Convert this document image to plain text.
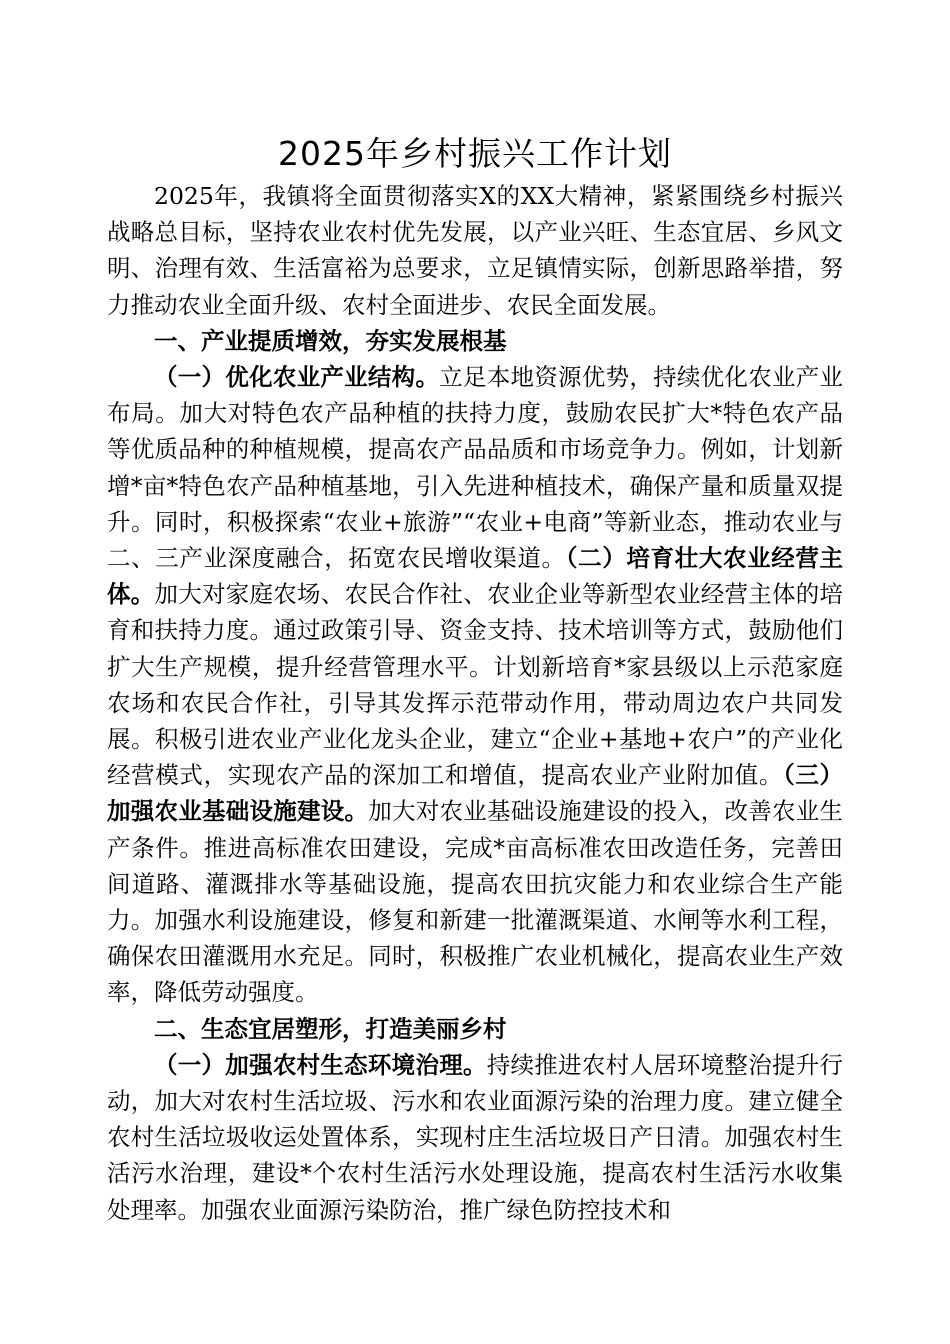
2025年乡村振兴工作计划

2025年，我镇将全面贯彻落实X的XX大精神，紧紧围绕乡村振兴战略总目标，坚持农业农村优先发展，以产业兴旺、生态宜居、乡风文明、治理有效、生活富裕为总要求，立足镇情实际，创新思路举措，努力推动农业全面升级、农村全面进步、农民全面发展。

一、产业提质增效，夯实发展根基

（一）优化农业产业结构。立足本地资源优势，持续优化农业产业布局。加大对特色农产品种植的扶持力度，鼓励农民扩大*特色农产品等优质品种的种植规模，提高农产品品质和市场竞争力。例如，计划新增*亩*特色农产品种植基地，引入先进种植技术，确保产量和质量双提升。同时，积极探索“农业+旅游”“农业+电商”等新业态，推动农业与二、三产业深度融合，拓宽农民增收渠道。（二）培育壮大农业经营主体。加大对家庭农场、农民合作社、农业企业等新型农业经营主体的培育和扶持力度。通过政策引导、资金支持、技术培训等方式，鼓励他们扩大生产规模，提升经营管理水平。计划新培育*家县级以上示范家庭农场和农民合作社，引导其发挥示范带动作用，带动周边农户共同发展。积极引进农业产业化龙头企业，建立“企业+基地+农户”的产业化经营模式，实现农产品的深加工和增值，提高农业产业附加值。（三）加强农业基础设施建设。加大对农业基础设施建设的投入，改善农业生产条件。推进高标准农田建设，完成*亩高标准农田改造任务，完善田间道路、灌溉排水等基础设施，提高农田抗灾能力和农业综合生产能力。加强水利设施建设，修复和新建一批灌溉渠道、水闸等水利工程，确保农田灌溉用水充足。同时，积极推广农业机械化，提高农业生产效率，降低劳动强度。

二、生态宜居塑形，打造美丽乡村

（一）加强农村生态环境治理。持续推进农村人居环境整治提升行动，加大对农村生活垃圾、污水和农业面源污染的治理力度。建立健全农村生活垃圾收运处置体系，实现村庄生活垃圾日产日清。加强农村生活污水治理，建设*个农村生活污水处理设施，提高农村生活污水收集处理率。加强农业面源污染防治，推广绿色防控技术和
